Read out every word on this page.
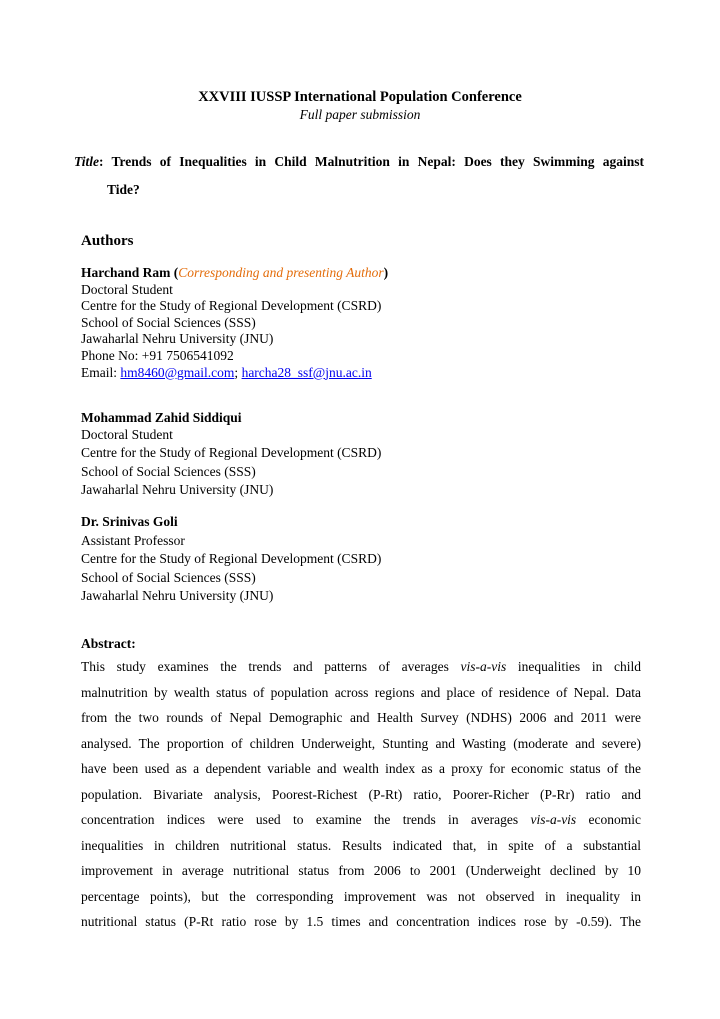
XXVIII IUSSP International Population Conference
Full paper submission
Title: Trends of Inequalities in Child Malnutrition in Nepal: Does they Swimming against
Tide?
Authors
Harchand Ram (Corresponding and presenting Author)
Doctoral Student
Centre for the Study of Regional Development (CSRD)
School of Social Sciences (SSS)
Jawaharlal Nehru University (JNU)
Phone No: +91 7506541092
Email: hm8460@gmail.com; harcha28_ssf@jnu.ac.in
Mohammad Zahid Siddiqui
Doctoral Student
Centre for the Study of Regional Development (CSRD)
School of Social Sciences (SSS)
Jawaharlal Nehru University (JNU)
Dr. Srinivas Goli
Assistant Professor
Centre for the Study of Regional Development (CSRD)
School of Social Sciences (SSS)
Jawaharlal Nehru University (JNU)
Abstract:
This study examines the trends and patterns of averages vis-a-vis inequalities in child
malnutrition by wealth status of population across regions and place of residence of Nepal. Data
from the two rounds of Nepal Demographic and Health Survey (NDHS) 2006 and 2011 were
analysed. The proportion of children Underweight, Stunting and Wasting (moderate and severe)
have been used as a dependent variable and wealth index as a proxy for economic status of the
population. Bivariate analysis, Poorest-Richest (P-Rt) ratio, Poorer-Richer (P-Rr) ratio and
concentration indices were used to examine the trends in averages vis-a-vis economic
inequalities in children nutritional status. Results indicated that, in spite of a substantial
improvement in average nutritional status from 2006 to 2001 (Underweight declined by 10
percentage points), but the corresponding improvement was not observed in inequality in
nutritional status (P-Rt ratio rose by 1.5 times and concentration indices rose by -0.59). The
